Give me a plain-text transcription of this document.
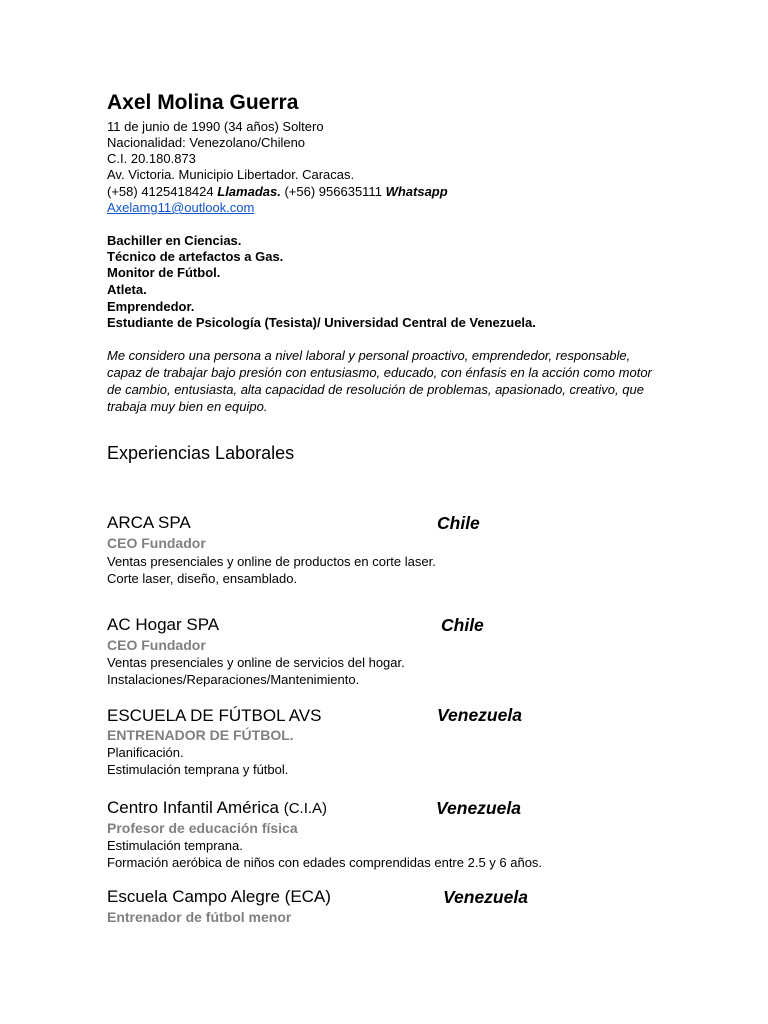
Axel Molina Guerra
11 de junio de 1990 (34 años) Soltero
Nacionalidad: Venezolano/Chileno
C.I. 20.180.873
Av. Victoria. Municipio Libertador. Caracas.
(+58) 4125418424 Llamadas. (+56) 956635111 Whatsapp
Axelamg11@outlook.com
Bachiller en Ciencias.
Técnico de artefactos a Gas.
Monitor de Fútbol.
Atleta.
Emprendedor.
Estudiante de Psicología (Tesista)/ Universidad Central de Venezuela.
Me considero una persona a nivel laboral y personal proactivo, emprendedor, responsable, capaz de trabajar bajo presión con entusiasmo, educado, con énfasis en la acción como motor de cambio, entusiasta, alta capacidad de resolución de problemas, apasionado, creativo, que trabaja muy bien en equipo.
Experiencias Laborales
ARCA SPA	Chile
CEO Fundador
Ventas presenciales y online de productos en corte laser.
Corte laser, diseño, ensamblado.
AC Hogar SPA	Chile
CEO Fundador
Ventas presenciales y online de servicios del hogar.
Instalaciones/Reparaciones/Mantenimiento.
ESCUELA DE FÚTBOL AVS	Venezuela
ENTRENADOR DE FÚTBOL.
Planificación.
Estimulación temprana y fútbol.
Centro Infantil América (C.I.A)	Venezuela
Profesor de educación física
Estimulación temprana.
Formación aeróbica de niños con edades comprendidas entre 2.5 y 6 años.
Escuela Campo Alegre (ECA)	Venezuela
Entrenador de fútbol menor
